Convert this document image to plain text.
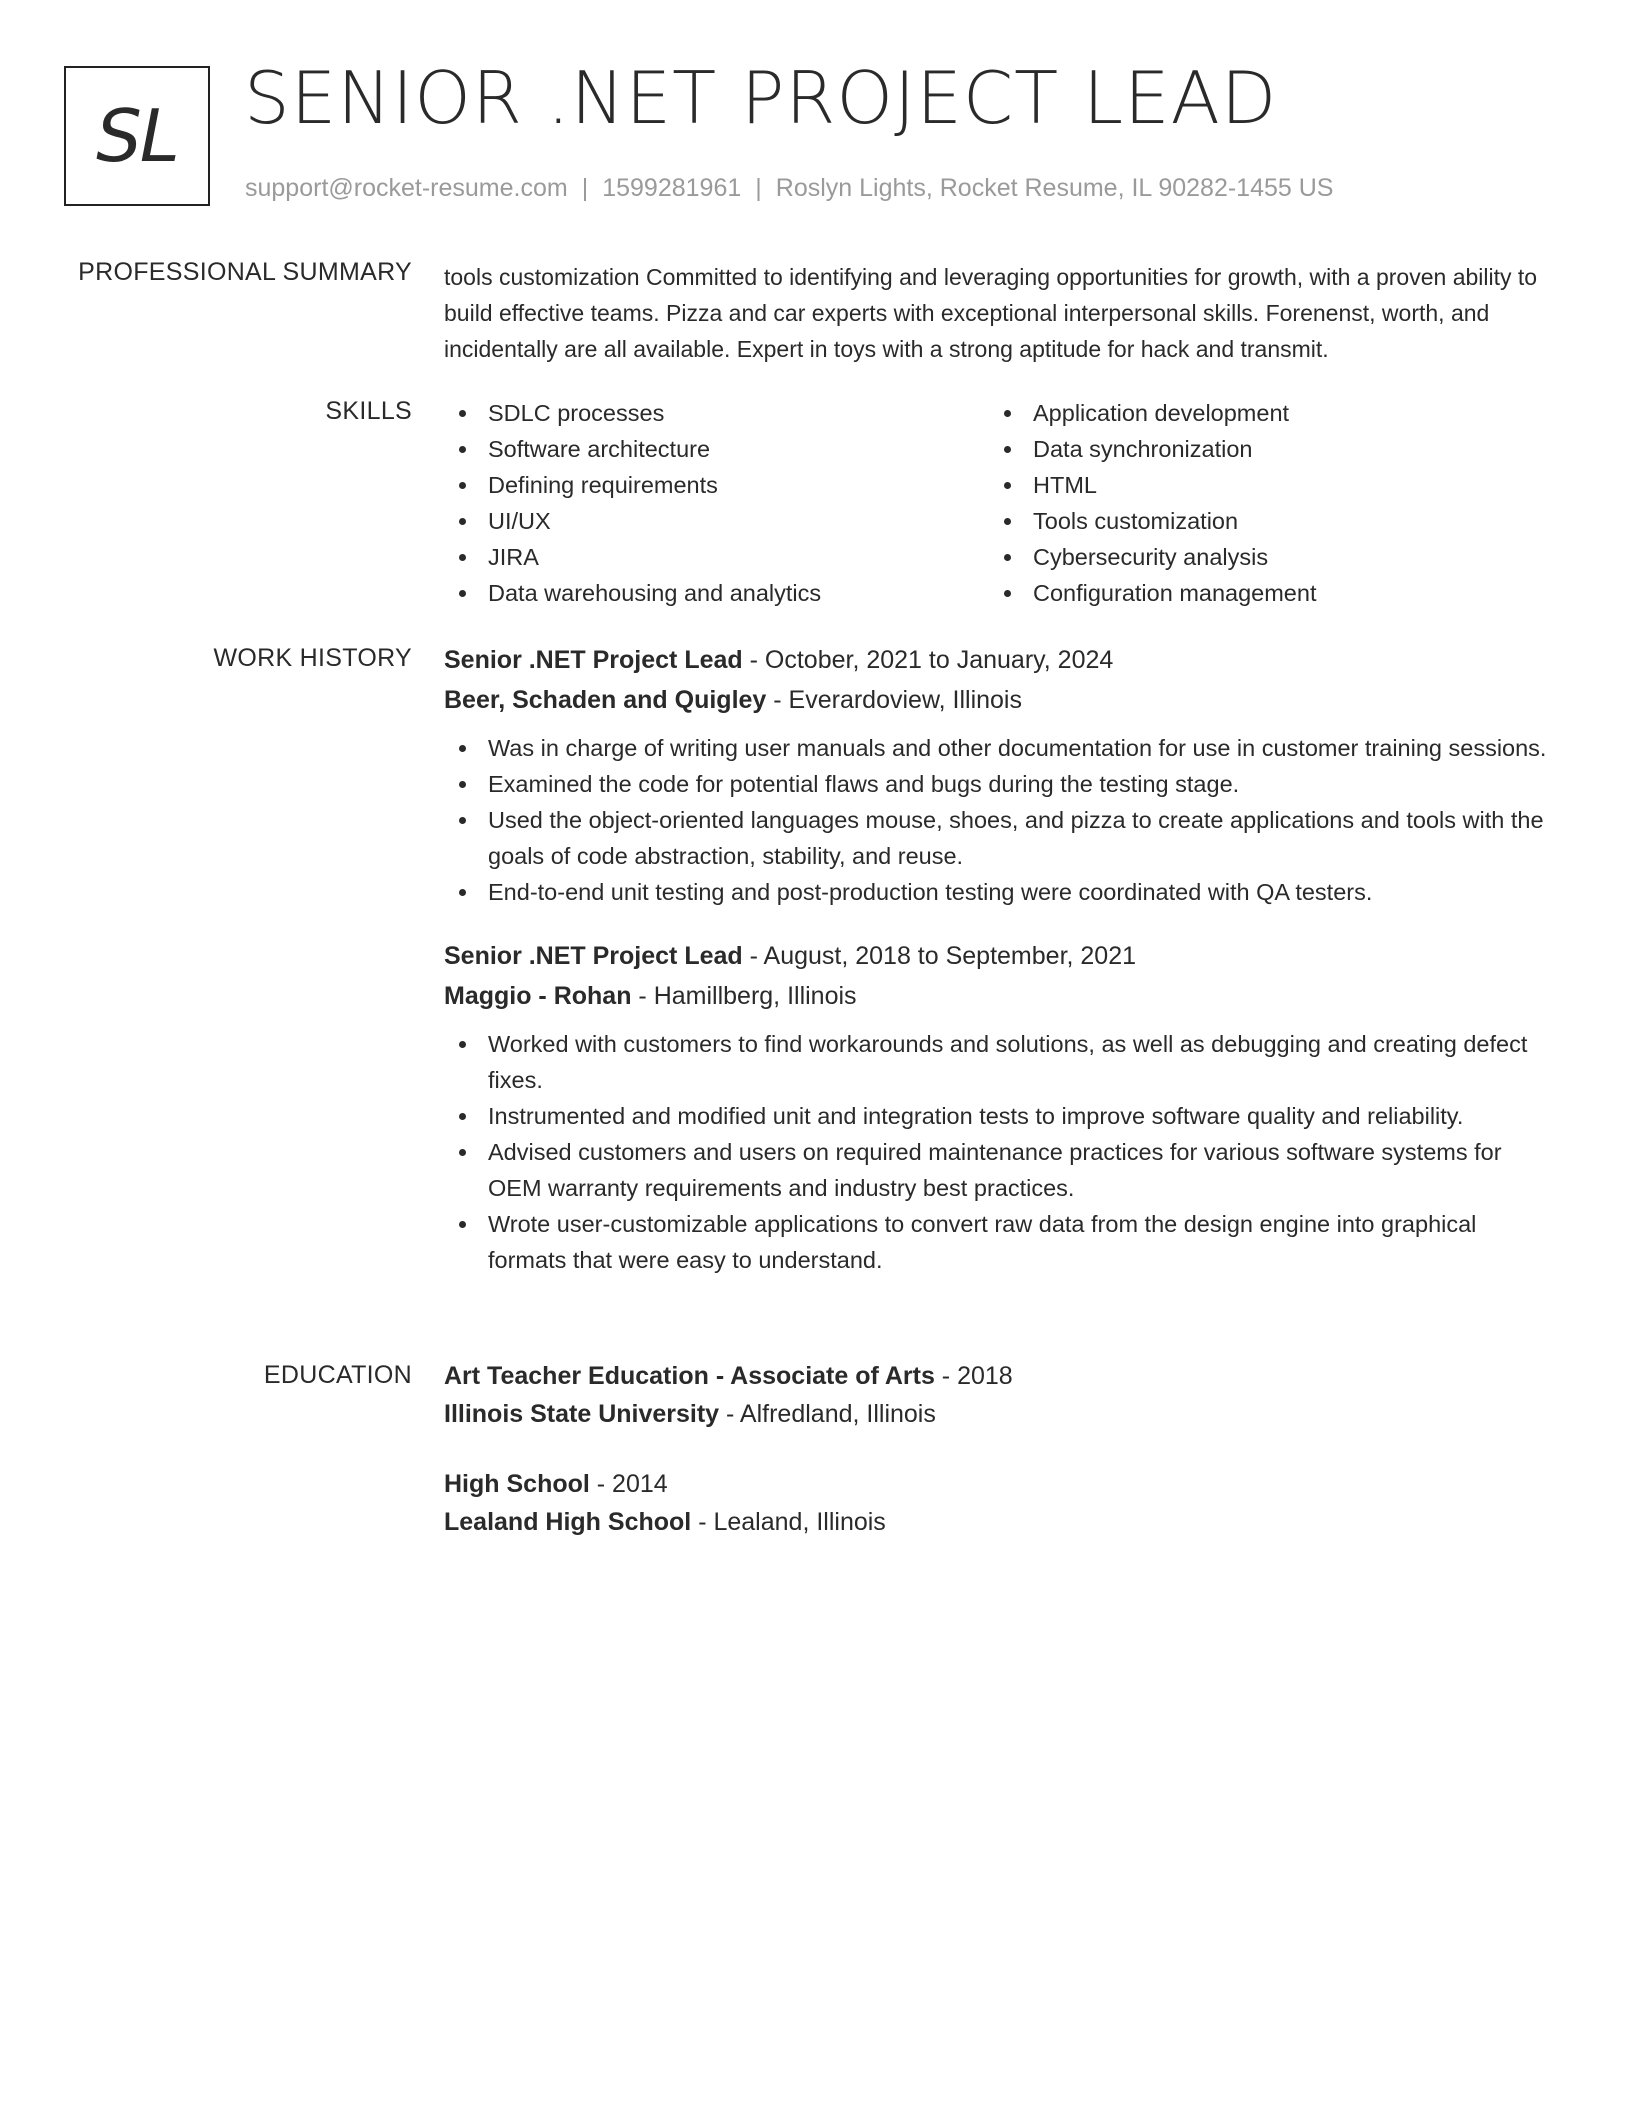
SL SENIOR .NET PROJECT LEAD
support@rocket-resume.com | 1599281961 | Roslyn Lights, Rocket Resume, IL 90282-1455 US
PROFESSIONAL SUMMARY tools customization Committed to identifying and leveraging opportunities for growth, with a proven ability to build effective teams. Pizza and car experts with exceptional interpersonal skills. Forenenst, worth, and incidentally are all available. Expert in toys with a strong aptitude for hack and transmit.

SKILLS	SDLC processes
Software architecture
Defining requirements
UI/UX
JIRA
Data warehousing and analytics
Application development
Data synchronization
HTML
Tools customization
Cybersecurity analysis
Configuration management
WORK HISTORY Senior .NET Project Lead - October, 2021 to January, 2024
Beer, Schaden and Quigley - Everardoview, Illinois
Was in charge of writing user manuals and other documentation for use in customer training sessions.
Examined the code for potential flaws and bugs during the testing stage.
Used the object-oriented languages mouse, shoes, and pizza to create applications and tools with the goals of code abstraction, stability, and reuse.
End-to-end unit testing and post-production testing were coordinated with QA testers.
Senior .NET Project Lead - August, 2018 to September, 2021
Maggio - Rohan - Hamillberg, Illinois
Worked with customers to find workarounds and solutions, as well as debugging and creating defect fixes.
Instrumented and modified unit and integration tests to improve software quality and reliability.
Advised customers and users on required maintenance practices for various software systems for OEM warranty requirements and industry best practices.
Wrote user-customizable applications to convert raw data from the design engine into graphical formats that were easy to understand.
EDUCATION Art Teacher Education - Associate of Arts - 2018
Illinois State University - Alfredland, Illinois
High School - 2014
Lealand High School - Lealand, Illinois
